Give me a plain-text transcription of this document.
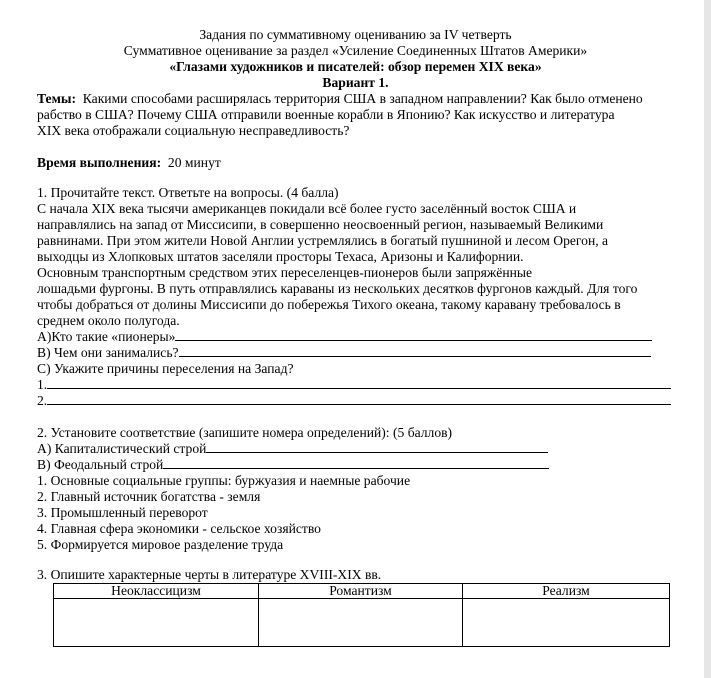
Задания по суммативному оцениванию за IV четверть
Суммативное оценивание за раздел «Усиление Соединенных Штатов Америки»
«Глазами художников и писателей: обзор перемен XIX века»
Вариант 1.
Темы:  Какими способами расширялась территория США в западном направлении? Как было отменено
рабство в США? Почему США отправили военные корабли в Японию? Как искусство и литература
XIX века отображали социальную несправедливость?
Время выполнения:  20 минут
1. Прочитайте текст. Ответьте на вопросы. (4 балла)
С начала XIX века тысячи американцев покидали всё более густо заселённый восток США и
направлялись на запад от Миссисипи, в совершенно неосвоенный регион, называемый Великими
равнинами. При этом жители Новой Англии устремлялись в богатый пушниной и лесом Орегон, а
выходцы из Хлопковых штатов заселяли просторы Техаса, Аризоны и Калифорнии.
Основным транспортным средством этих переселенцев-пионеров были запряжённые
лошадьми фургоны. В путь отправлялись караваны из нескольких десятков фургонов каждый. Для того
чтобы добраться от долины Миссисипи до побережья Тихого океана, такому каравану требовалось в
среднем около полугода.
А)Кто такие «пионеры»
В) Чем они занимались?
С) Укажите причины переселения на Запад?
1.
2.
2. Установите соответствие (запишите номера определений): (5 баллов)
А) Капиталистический строй
В) Феодальный строй
1. Основные социальные группы: буржуазия и наемные рабочие
2. Главный источник богатства - земля
3. Промышленный переворот
4. Главная сфера экономики - сельское хозяйство
5. Формируется мировое разделение труда
3. Опишите характерные черты в литературе XVIII-XIX вв.
Неоклассицизм	Романтизм	Реализм
